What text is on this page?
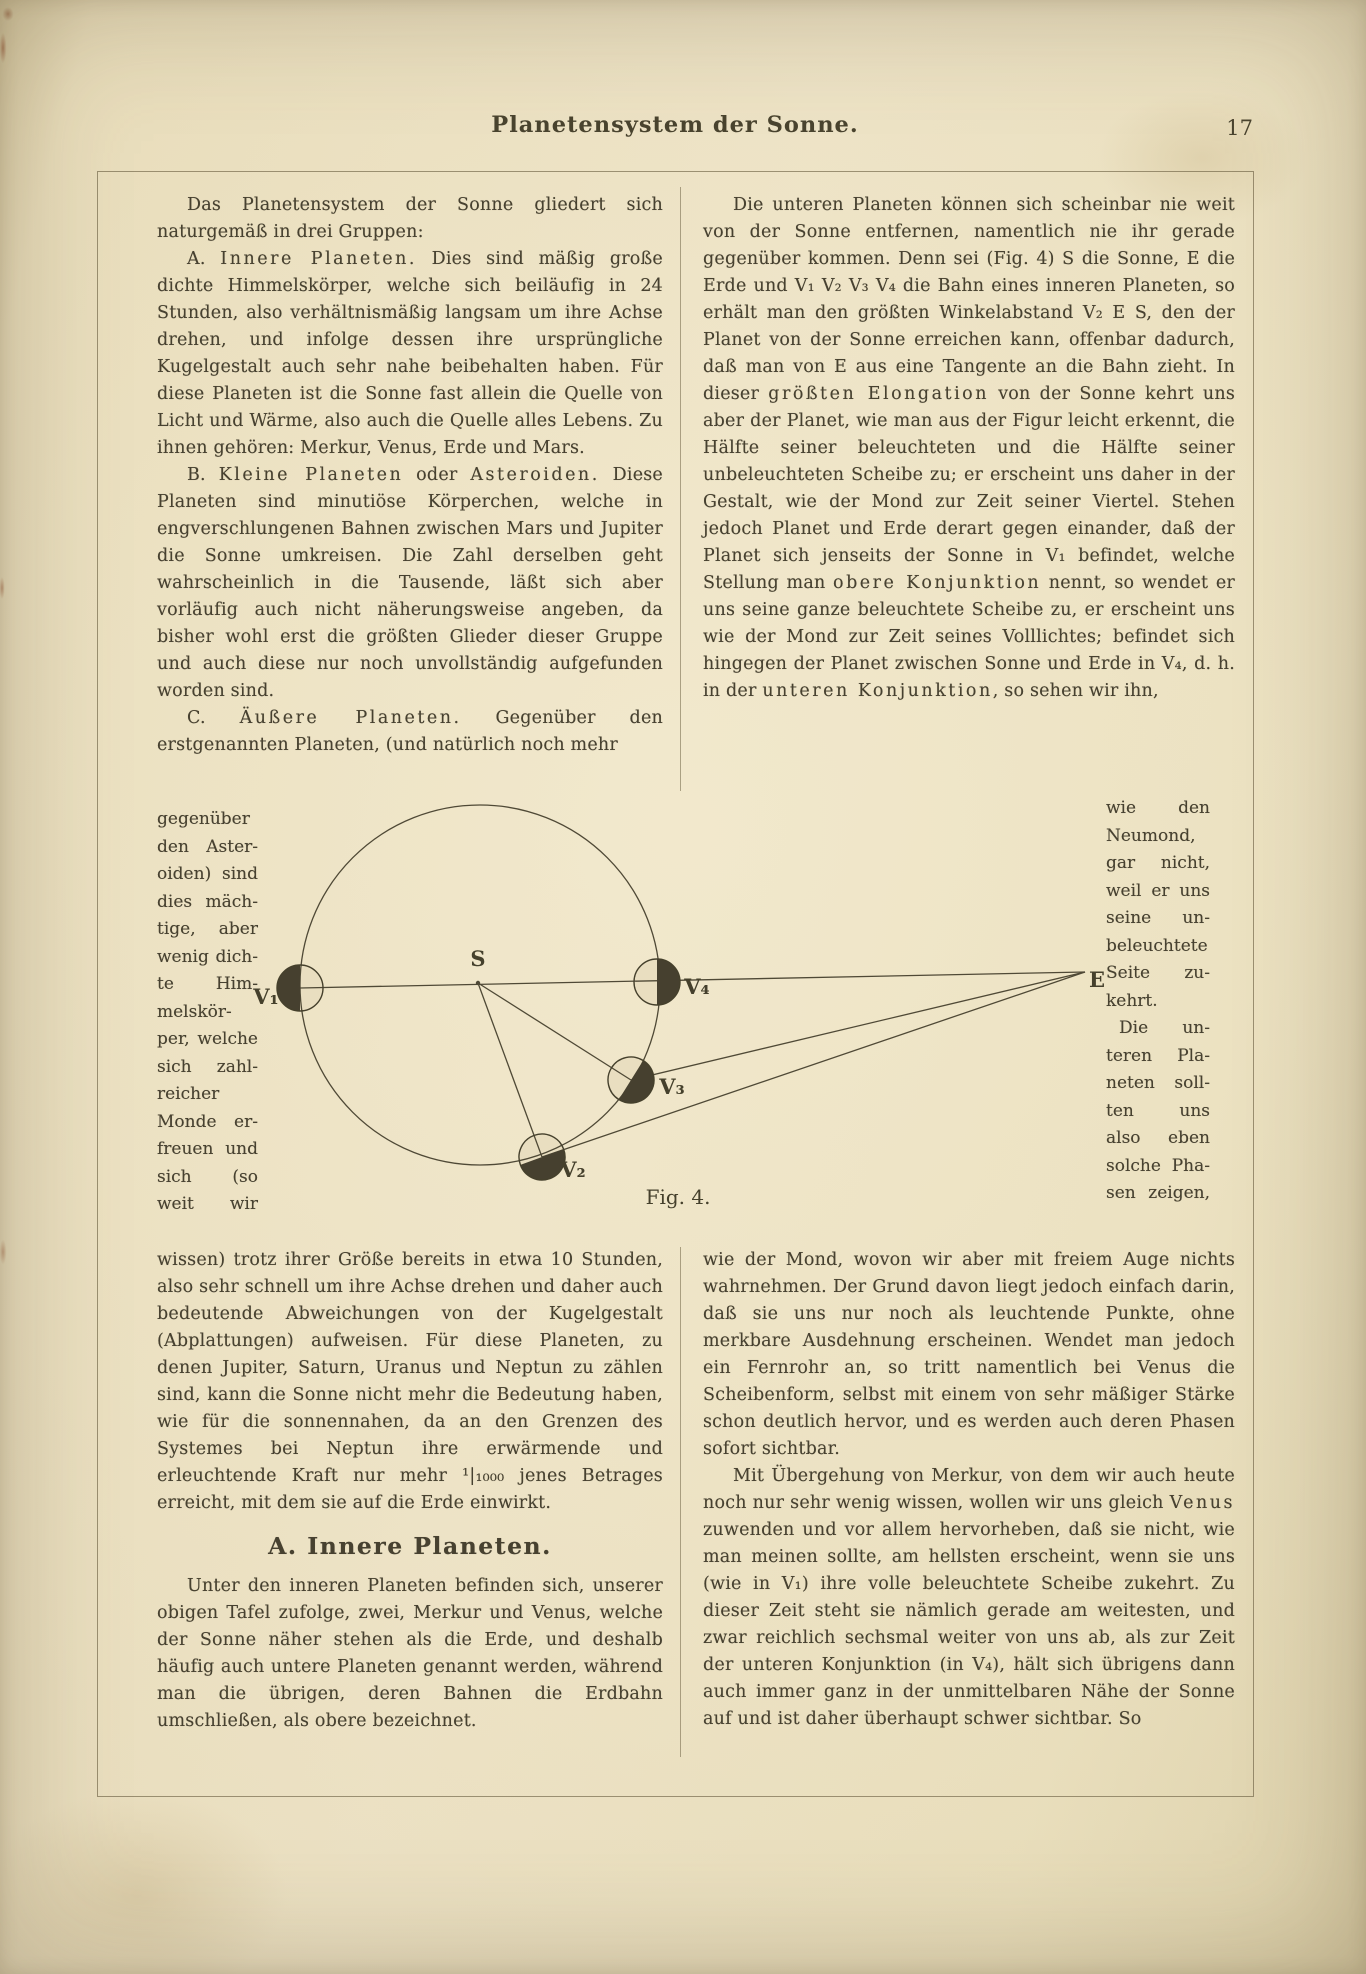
Planetensystem der Sonne.	17

Das Planetensystem der Sonne gliedert sich naturgemäß in drei Gruppen:

A. Innere Planeten. Dies sind mäßig große dichte Himmelskörper, welche sich beiläufig in 24 Stunden, also verhältnismäßig langsam um ihre Achse drehen, und infolge dessen ihre ursprüngliche Kugelgestalt auch sehr nahe beibehalten haben. Für diese Planeten ist die Sonne fast allein die Quelle von Licht und Wärme, also auch die Quelle alles Lebens. Zu ihnen gehören: Merkur, Venus, Erde und Mars.

B. Kleine Planeten oder Asteroiden. Diese Planeten sind minutiöse Körperchen, welche in engverschlungenen Bahnen zwischen Mars und Jupiter die Sonne umkreisen. Die Zahl derselben geht wahrscheinlich in die Tausende, läßt sich aber vorläufig auch nicht näherungsweise angeben, da bisher wohl erst die größten Glieder dieser Gruppe und auch diese nur noch unvollständig aufgefunden worden sind.

C. Äußere Planeten. Gegenüber den erstgenannten Planeten, (und natürlich noch mehr

Die unteren Planeten können sich scheinbar nie weit von der Sonne entfernen, namentlich nie ihr gerade gegenüber kommen. Denn sei (Fig. 4) S die Sonne, E die Erde und V₁ V₂ V₃ V₄ die Bahn eines inneren Planeten, so erhält man den größten Winkelabstand V₂ E S, den der Planet von der Sonne erreichen kann, offenbar dadurch, daß man von E aus eine Tangente an die Bahn zieht. In dieser größten Elongation von der Sonne kehrt uns aber der Planet, wie man aus der Figur leicht erkennt, die Hälfte seiner beleuchteten und die Hälfte seiner unbeleuchteten Scheibe zu; er erscheint uns daher in der Gestalt, wie der Mond zur Zeit seiner Viertel. Stehen jedoch Planet und Erde derart gegen einander, daß der Planet sich jenseits der Sonne in V₁ befindet, welche Stellung man obere Konjunktion nennt, so wendet er uns seine ganze beleuchtete Scheibe zu, er erscheint uns wie der Mond zur Zeit seines Volllichtes; befindet sich hingegen der Planet zwischen Sonne und Erde in V₄, d. h. in der unteren Konjunktion, so sehen wir ihn,

gegenüber
den Aster-
oiden) sind
dies mäch-
tige, aber
wenig dich-
te Him-
melskör-
per, welche
sich zahl-
reicher
Monde er-
freuen und
sich (so
weit wir
wie den
Neumond,
gar nicht,
weil er uns
seine un-
beleuchtete
Seite zu-
kehrt.
Die un-
teren Pla-
neten soll-
ten uns
also eben
solche Pha-
sen zeigen,
S
V₁	V₄
V₃
V₂
E
Fig. 4.

wissen) trotz ihrer Größe bereits in etwa 10 Stunden, also sehr schnell um ihre Achse drehen und daher auch bedeutende Abweichungen von der Kugelgestalt (Abplattungen) aufweisen. Für diese Planeten, zu denen Jupiter, Saturn, Uranus und Neptun zu zählen sind, kann die Sonne nicht mehr die Bedeutung haben, wie für die sonnennahen, da an den Grenzen des Systemes bei Neptun ihre erwärmende und erleuchtende Kraft nur mehr ¹|₁₀₀₀ jenes Betrages erreicht, mit dem sie auf die Erde einwirkt.

A. Innere Planeten.

Unter den inneren Planeten befinden sich, unserer obigen Tafel zufolge, zwei, Merkur und Venus, welche der Sonne näher stehen als die Erde, und deshalb häufig auch untere Planeten genannt werden, während man die übrigen, deren Bahnen die Erdbahn umschließen, als obere bezeichnet.

wie der Mond, wovon wir aber mit freiem Auge nichts wahrnehmen. Der Grund davon liegt jedoch einfach darin, daß sie uns nur noch als leuchtende Punkte, ohne merkbare Ausdehnung erscheinen. Wendet man jedoch ein Fernrohr an, so tritt namentlich bei Venus die Scheibenform, selbst mit einem von sehr mäßiger Stärke schon deutlich hervor, und es werden auch deren Phasen sofort sichtbar.

Mit Übergehung von Merkur, von dem wir auch heute noch nur sehr wenig wissen, wollen wir uns gleich Venus zuwenden und vor allem hervorheben, daß sie nicht, wie man meinen sollte, am hellsten erscheint, wenn sie uns (wie in V₁) ihre volle beleuchtete Scheibe zukehrt. Zu dieser Zeit steht sie nämlich gerade am weitesten, und zwar reichlich sechsmal weiter von uns ab, als zur Zeit der unteren Konjunktion (in V₄), hält sich übrigens dann auch immer ganz in der unmittelbaren Nähe der Sonne auf und ist daher überhaupt schwer sichtbar. So
